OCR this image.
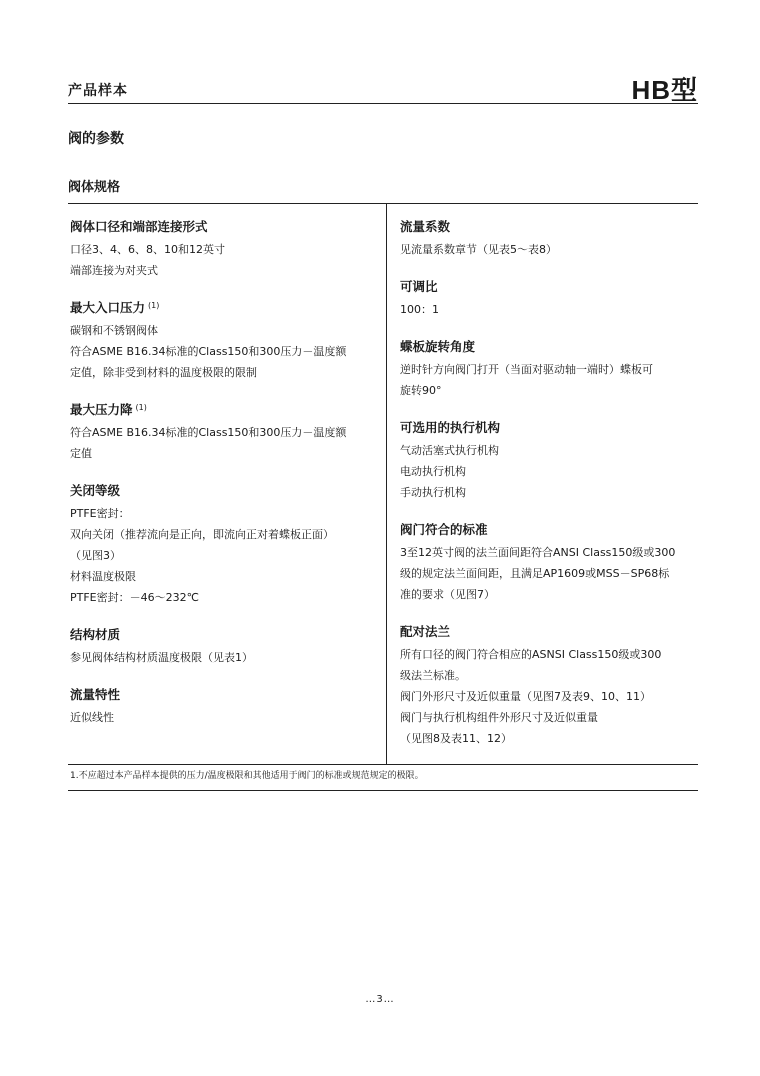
产品样本	HB型
阀的参数
阀体规格
阀体口径和端部连接形式
口径3、4、6、8、10和12英寸
端部连接为对夹式
最大入口压力 $^{(1)}$
碳钢和不锈钢阀体
符合ASME B16.34标准的Class150和300压力－温度额
定值，除非受到材料的温度极限的限制
最大压力降 $^{(1)}$
符合ASME B16.34标准的Class150和300压力－温度额
定值
关闭等级
PTFE密封：
双向关闭（推荐流向是正向，即流向正对着蝶板正面）
（见图3）
材料温度极限
PTFE密封：－46～232℃
结构材质
参见阀体结构材质温度极限（见表1）
流量特性
近似线性
流量系数
见流量系数章节（见表5～表8）
可调比
100：1
蝶板旋转角度
逆时针方向阀门打开（当面对驱动轴一端时）蝶板可
旋转90°
可选用的执行机构
气动活塞式执行机构
电动执行机构
手动执行机构
阀门符合的标准
3至12英寸阀的法兰面间距符合ANSI Class150级或300
级的规定法兰面间距，且满足AP1609或MSS－SP68标
准的要求（见图7）
配对法兰
所有口径的阀门符合相应的ASNSI Class150级或300
级法兰标准。
阀门外形尺寸及近似重量（见图7及表9、10、11）
阀门与执行机构组件外形尺寸及近似重量
（见图8及表11、12）
1.不应超过本产品样本提供的压力/温度极限和其他适用于阀门的标准或规范规定的极限。
…3…
